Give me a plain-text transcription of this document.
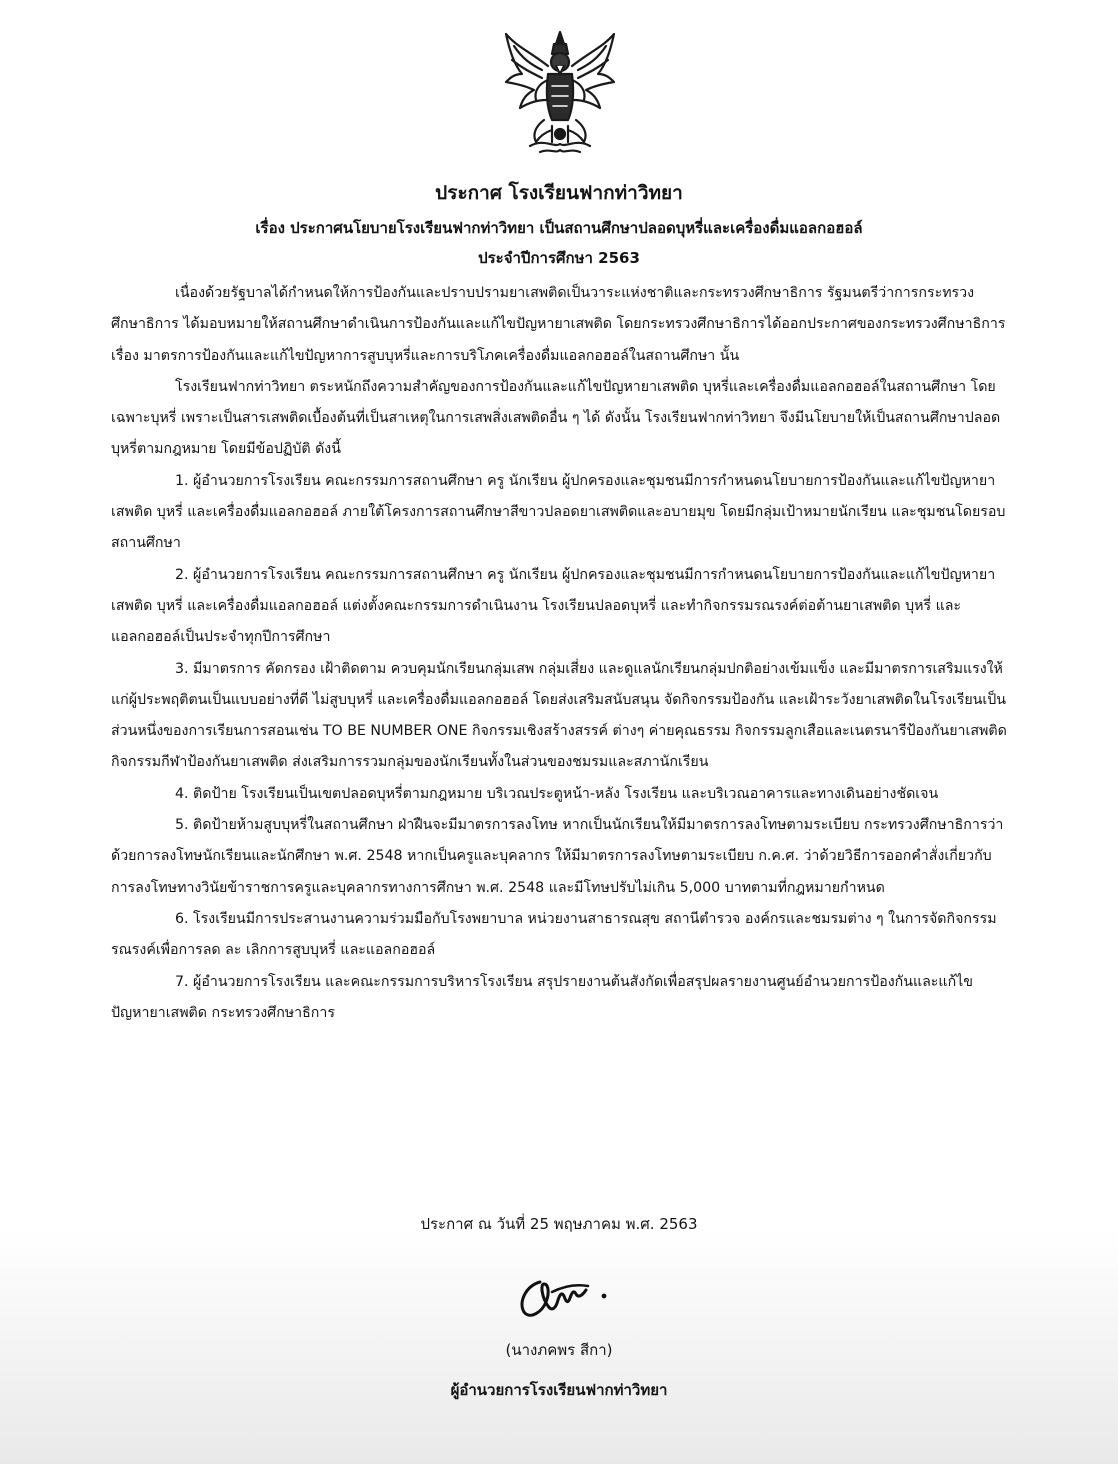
ประกาศ โรงเรียนฟากท่าวิทยา
เรื่อง ประกาศนโยบายโรงเรียนฟากท่าวิทยา เป็นสถานศึกษาปลอดบุหรี่และเครื่องดื่มแอลกอฮอล์
ประจำปีการศึกษา 2563

เนื่องด้วยรัฐบาลได้กำหนดให้การป้องกันและปราบปรามยาเสพติดเป็นวาระแห่งชาติและกระทรวงศึกษาธิการ รัฐมนตรีว่าการกระทรวงศึกษาธิการ ได้มอบหมายให้สถานศึกษาดำเนินการป้องกันและแก้ไขปัญหายาเสพติด โดยกระทรวงศึกษาธิการได้ออกประกาศของกระทรวงศึกษาธิการ เรื่อง มาตรการป้องกันและแก้ไขปัญหาการสูบบุหรี่และการบริโภคเครื่องดื่มแอลกอฮอล์ในสถานศึกษา นั้น

โรงเรียนฟากท่าวิทยา ตระหนักถึงความสำคัญของการป้องกันและแก้ไขปัญหายาเสพติด บุหรี่และเครื่องดื่มแอลกอฮอล์ในสถานศึกษา โดยเฉพาะบุหรี่ เพราะเป็นสารเสพติดเบื้องต้นที่เป็นสาเหตุในการเสพสิ่งเสพติดอื่น ๆ ได้ ดังนั้น โรงเรียนฟากท่าวิทยา จึงมีนโยบายให้เป็นสถานศึกษาปลอดบุหรี่ตามกฎหมาย โดยมีข้อปฏิบัติ ดังนี้

1. ผู้อำนวยการโรงเรียน คณะกรรมการสถานศึกษา ครู นักเรียน ผู้ปกครองและชุมชนมีการกำหนดนโยบายการป้องกันและแก้ไขปัญหายาเสพติด บุหรี่ และเครื่องดื่มแอลกอฮอล์ ภายใต้โครงการสถานศึกษาสีขาวปลอดยาเสพติดและอบายมุข โดยมีกลุ่มเป้าหมายนักเรียน และชุมชนโดยรอบสถานศึกษา

2. ผู้อำนวยการโรงเรียน คณะกรรมการสถานศึกษา ครู นักเรียน ผู้ปกครองและชุมชนมีการกำหนดนโยบายการป้องกันและแก้ไขปัญหายาเสพติด บุหรี่ และเครื่องดื่มแอลกอฮอล์ แต่งตั้งคณะกรรมการดำเนินงาน โรงเรียนปลอดบุหรี่ และทำกิจกรรมรณรงค์ต่อต้านยาเสพติด บุหรี่ และแอลกอฮอล์เป็นประจำทุกปีการศึกษา

3. มีมาตรการ คัดกรอง เฝ้าติดตาม ควบคุมนักเรียนกลุ่มเสพ กลุ่มเสี่ยง และดูแลนักเรียนกลุ่มปกติอย่างเข้มแข็ง และมีมาตรการเสริมแรงให้แก่ผู้ประพฤติตนเป็นแบบอย่างที่ดี ไม่สูบบุหรี่ และเครื่องดื่มแอลกอฮอล์ โดยส่งเสริมสนับสนุน จัดกิจกรรมป้องกัน และเฝ้าระวังยาเสพติดในโรงเรียนเป็นส่วนหนึ่งของการเรียนการสอนเช่น TO BE NUMBER ONE กิจกรรมเชิงสร้างสรรค์ ต่างๆ ค่ายคุณธรรม กิจกรรมลูกเสือและเนตรนารีป้องกันยาเสพติด กิจกรรมกีฬาป้องกันยาเสพติด ส่งเสริมการรวมกลุ่มของนักเรียนทั้งในส่วนของชมรมและสภานักเรียน

4. ติดป้าย โรงเรียนเป็นเขตปลอดบุหรี่ตามกฎหมาย บริเวณประตูหน้า-หลัง โรงเรียน และบริเวณอาคารและทางเดินอย่างชัดเจน

5. ติดป้ายห้ามสูบบุหรี่ในสถานศึกษา ฝ่าฝืนจะมีมาตรการลงโทษ หากเป็นนักเรียนให้มีมาตรการลงโทษตามระเบียบ กระทรวงศึกษาธิการว่าด้วยการลงโทษนักเรียนและนักศึกษา พ.ศ. 2548 หากเป็นครูและบุคลากร ให้มีมาตรการลงโทษตามระเบียบ ก.ค.ศ. ว่าด้วยวิธีการออกคำสั่งเกี่ยวกับการลงโทษทางวินัยข้าราชการครูและบุคลากรทางการศึกษา พ.ศ. 2548 และมีโทษปรับไม่เกิน 5,000 บาทตามที่กฎหมายกำหนด

6. โรงเรียนมีการประสานงานความร่วมมือกับโรงพยาบาล หน่วยงานสาธารณสุข สถานีตำรวจ องค์กรและชมรมต่าง ๆ ในการจัดกิจกรรมรณรงค์เพื่อการลด ละ เลิกการสูบบุหรี่ และแอลกอฮอล์

7. ผู้อำนวยการโรงเรียน และคณะกรรมการบริหารโรงเรียน สรุปรายงานต้นสังกัดเพื่อสรุปผลรายงานศูนย์อำนวยการป้องกันและแก้ไขปัญหายาเสพติด กระทรวงศึกษาธิการ

ประกาศ ณ วันที่ 25 พฤษภาคม พ.ศ. 2563
(นางภคพร สีกา)
ผู้อำนวยการโรงเรียนฟากท่าวิทยา
